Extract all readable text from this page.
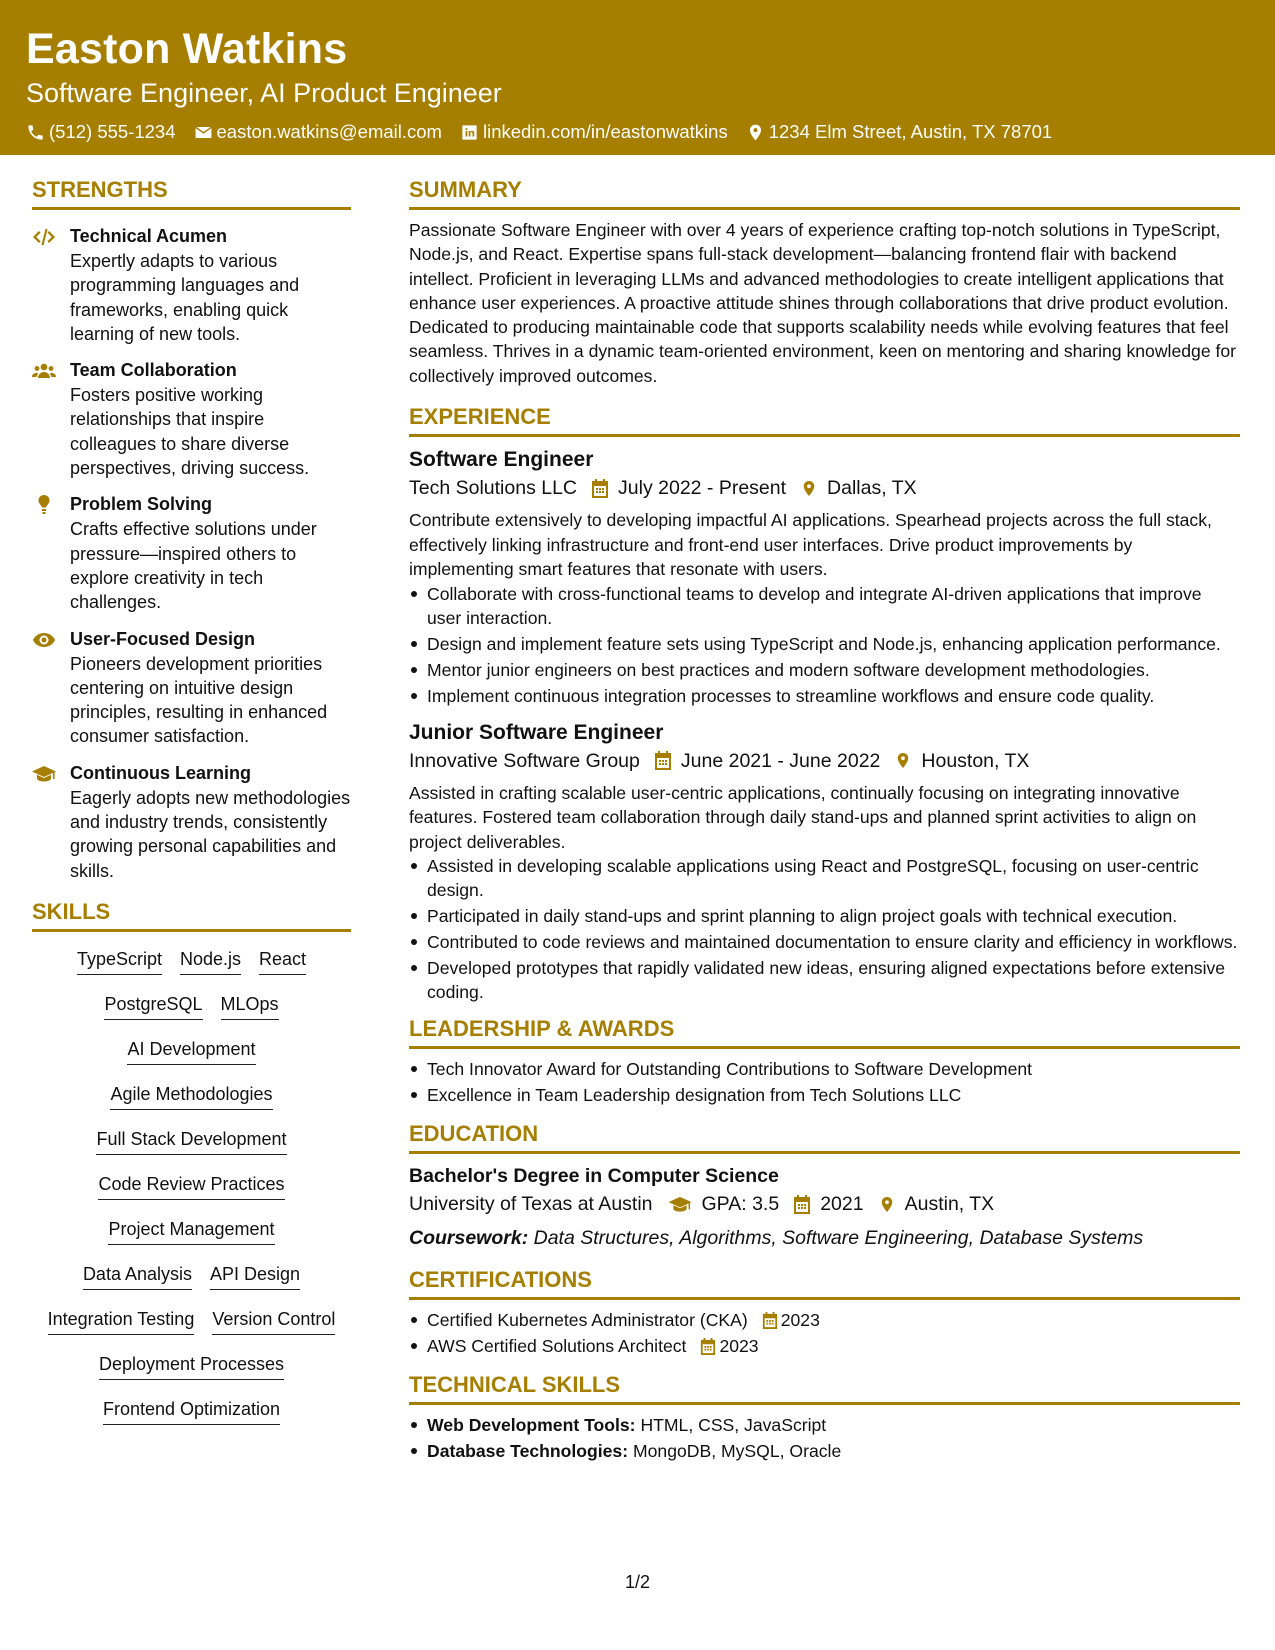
Easton Watkins
Software Engineer, AI Product Engineer
(512) 555-1234 easton.watkins@email.com linkedin.com/in/eastonwatkins 1234 Elm Street, Austin, TX 78701
STRENGTHS
Technical Acumen
Expertly adapts to various programming languages and frameworks, enabling quick learning of new tools.
Team Collaboration
Fosters positive working relationships that inspire colleagues to share diverse perspectives, driving success.
Problem Solving
Crafts effective solutions under pressure—inspired others to explore creativity in tech challenges.
User-Focused Design
Pioneers development priorities centering on intuitive design principles, resulting in enhanced consumer satisfaction.
Continuous Learning
Eagerly adopts new methodologies and industry trends, consistently growing personal capabilities and skills.
SKILLS
TypeScript Node.js React
PostgreSQL MLOps
AI Development
Agile Methodologies
Full Stack Development
Code Review Practices
Project Management
Data Analysis API Design
Integration Testing Version Control
Deployment Processes
Frontend Optimization
SUMMARY
Passionate Software Engineer with over 4 years of experience crafting top-notch solutions in TypeScript, Node.js, and React. Expertise spans full-stack development—balancing frontend flair with backend intellect. Proficient in leveraging LLMs and advanced methodologies to create intelligent applications that enhance user experiences. A proactive attitude shines through collaborations that drive product evolution. Dedicated to producing maintainable code that supports scalability needs while evolving features that feel seamless. Thrives in a dynamic team-oriented environment, keen on mentoring and sharing knowledge for collectively improved outcomes.
EXPERIENCE
Software Engineer
Tech Solutions LLC July 2022 - Present Dallas, TX
Contribute extensively to developing impactful AI applications. Spearhead projects across the full stack, effectively linking infrastructure and front-end user interfaces. Drive product improvements by implementing smart features that resonate with users.
Collaborate with cross-functional teams to develop and integrate AI-driven applications that improve user interaction.
Design and implement feature sets using TypeScript and Node.js, enhancing application performance.
Mentor junior engineers on best practices and modern software development methodologies.
Implement continuous integration processes to streamline workflows and ensure code quality.
Junior Software Engineer
Innovative Software Group June 2021 - June 2022 Houston, TX
Assisted in crafting scalable user-centric applications, continually focusing on integrating innovative features. Fostered team collaboration through daily stand-ups and planned sprint activities to align on project deliverables.
Assisted in developing scalable applications using React and PostgreSQL, focusing on user-centric design.
Participated in daily stand-ups and sprint planning to align project goals with technical execution.
Contributed to code reviews and maintained documentation to ensure clarity and efficiency in workflows.
Developed prototypes that rapidly validated new ideas, ensuring aligned expectations before extensive coding.
LEADERSHIP & AWARDS
Tech Innovator Award for Outstanding Contributions to Software Development
Excellence in Team Leadership designation from Tech Solutions LLC
EDUCATION
Bachelor's Degree in Computer Science
University of Texas at Austin	GPA: 3.5 2021 Austin, TX
Coursework: Data Structures, Algorithms, Software Engineering, Database Systems
CERTIFICATIONS
Certified Kubernetes Administrator (CKA) 2023
AWS Certified Solutions Architect 2023
TECHNICAL SKILLS
Web Development Tools: HTML, CSS, JavaScript
Database Technologies: MongoDB, MySQL, Oracle
1/2
